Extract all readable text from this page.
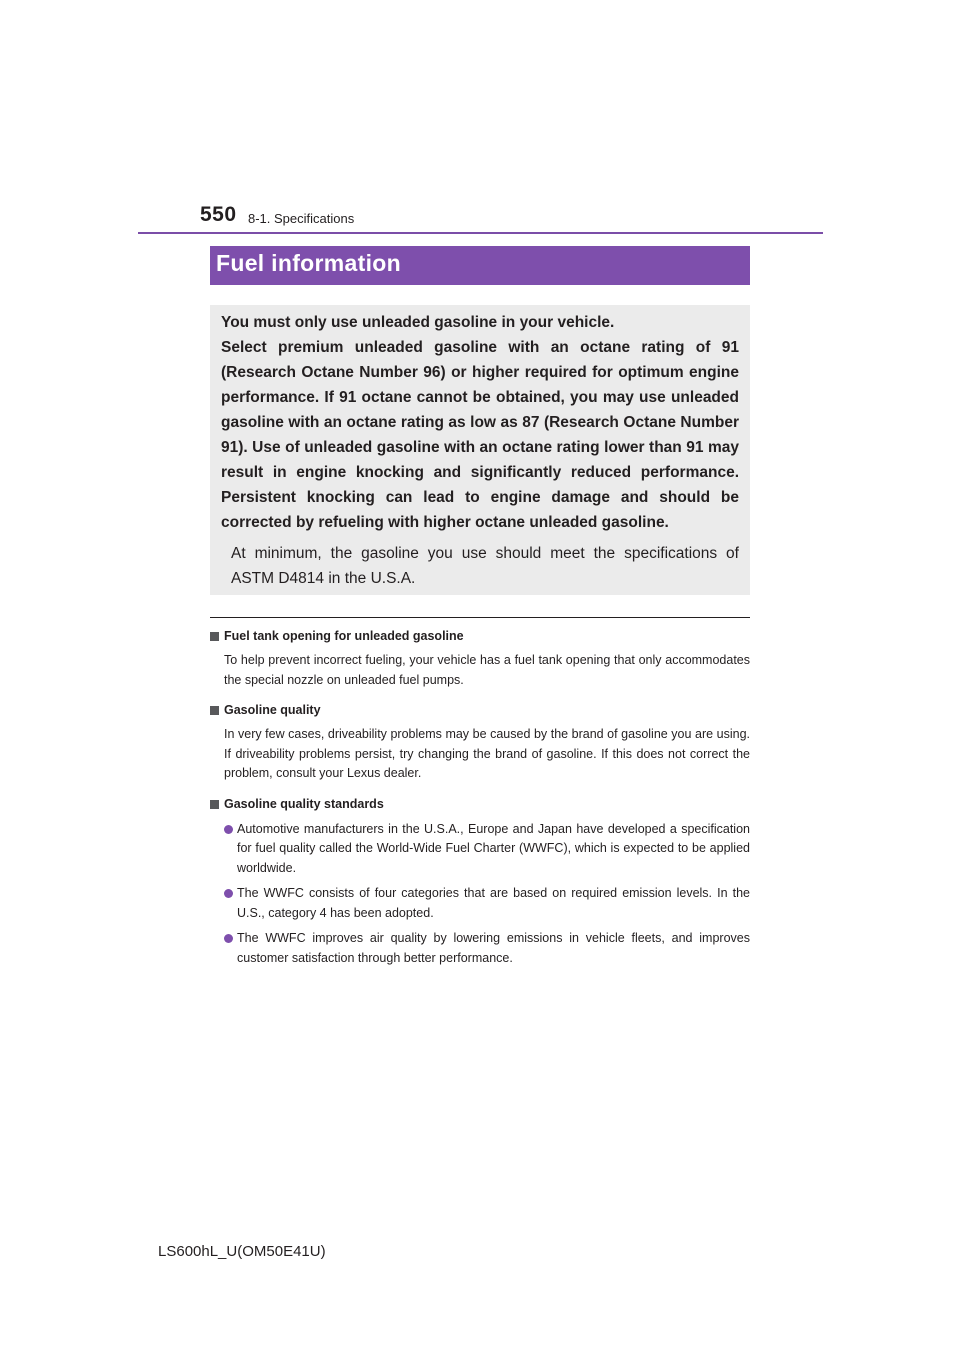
550 8-1. Specifications
Fuel information

You must only use unleaded gasoline in your vehicle.

Select premium unleaded gasoline with an octane rating of 91 (Research Octane Number 96) or higher required for optimum engine performance. If 91 octane cannot be obtained, you may use unleaded gasoline with an octane rating as low as 87 (Research Octane Number 91). Use of unleaded gasoline with an octane rating lower than 91 may result in engine knocking and significantly reduced performance. Persistent knocking can lead to engine damage and should be corrected by refueling with higher octane unleaded gasoline.

At minimum, the gasoline you use should meet the specifications of ASTM D4814 in the U.S.A.

Fuel tank opening for unleaded gasoline

To help prevent incorrect fueling, your vehicle has a fuel tank opening that only accommodates the special nozzle on unleaded fuel pumps.

Gasoline quality

In very few cases, driveability problems may be caused by the brand of gasoline you are using. If driveability problems persist, try changing the brand of gasoline. If this does not correct the problem, consult your Lexus dealer.

Gasoline quality standards

Automotive manufacturers in the U.S.A., Europe and Japan have developed a specification for fuel quality called the World-Wide Fuel Charter (WWFC), which is expected to be applied worldwide.
The WWFC consists of four categories that are based on required emission levels. In the U.S., category 4 has been adopted.
The WWFC improves air quality by lowering emissions in vehicle fleets, and improves customer satisfaction through better performance.
LS600hL_U(OM50E41U)
